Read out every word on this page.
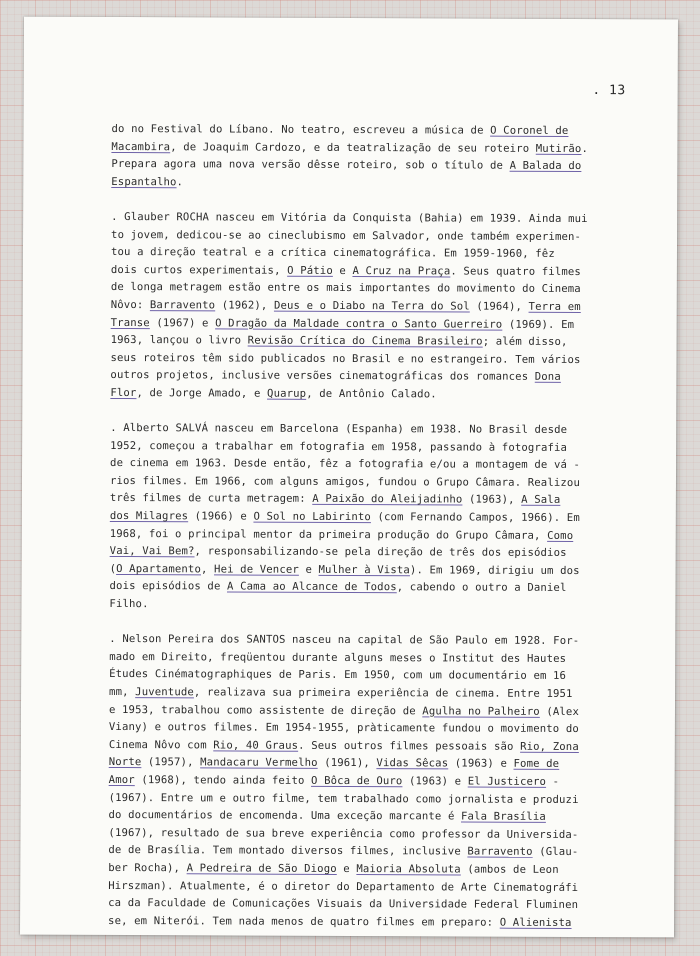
. 13
do no Festival do Líbano. No teatro, escreveu a música de O Coronel de
Macambira, de Joaquim Cardozo, e da teatralização de seu roteiro Mutirão.
Prepara agora uma nova versão dêsse roteiro, sob o título de A Balada do
Espantalho.
. Glauber ROCHA nasceu em Vitória da Conquista (Bahia) em 1939. Ainda mui
to jovem, dedicou-se ao cineclubismo em Salvador, onde também experimen-
tou a direção teatral e a crítica cinematográfica. Em 1959-1960, fêz
dois curtos experimentais, O Pátio e A Cruz na Praça. Seus quatro filmes
de longa metragem estão entre os mais importantes do movimento do Cinema
Nôvo: Barravento (1962), Deus e o Diabo na Terra do Sol (1964), Terra em
Transe (1967) e O Dragão da Maldade contra o Santo Guerreiro (1969). Em
1963, lançou o livro Revisão Crítica do Cinema Brasileiro; além disso,
seus roteiros têm sido publicados no Brasil e no estrangeiro. Tem vários
outros projetos, inclusive versões cinematográficas dos romances Dona
Flor, de Jorge Amado, e Quarup, de Antônio Calado.
. Alberto SALVÁ nasceu em Barcelona (Espanha) em 1938. No Brasil desde
1952, começou a trabalhar em fotografia em 1958, passando à fotografia
de cinema em 1963. Desde então, fêz a fotografia e/ou a montagem de vá -
rios filmes. Em 1966, com alguns amigos, fundou o Grupo Câmara. Realizou
três filmes de curta metragem: A Paixão do Aleijadinho (1963), A Sala
dos Milagres (1966) e O Sol no Labirinto (com Fernando Campos, 1966). Em
1968, foi o principal mentor da primeira produção do Grupo Câmara, Como
Vai, Vai Bem?, responsabilizando-se pela direção de três dos episódios
(O Apartamento, Hei de Vencer e Mulher à Vista). Em 1969, dirigiu um dos
dois episódios de A Cama ao Alcance de Todos, cabendo o outro a Daniel
Filho.
. Nelson Pereira dos SANTOS nasceu na capital de São Paulo em 1928. For-
mado em Direito, freqüentou durante alguns meses o Institut des Hautes
Études Cinématographiques de Paris. Em 1950, com um documentário em 16
mm, Juventude, realizava sua primeira experiência de cinema. Entre 1951
e 1953, trabalhou como assistente de direção de Agulha no Palheiro (Alex
Viany) e outros filmes. Em 1954-1955, pràticamente fundou o movimento do
Cinema Nôvo com Rio, 40 Graus. Seus outros filmes pessoais são Rio, Zona
Norte (1957), Mandacaru Vermelho (1961), Vidas Sêcas (1963) e Fome de
Amor (1968), tendo ainda feito O Bôca de Ouro (1963) e El Justicero -
(1967). Entre um e outro filme, tem trabalhado como jornalista e produzi
do documentários de encomenda. Uma exceção marcante é Fala Brasília
(1967), resultado de sua breve experiência como professor da Universida-
de de Brasília. Tem montado diversos filmes, inclusive Barravento (Glau-
ber Rocha), A Pedreira de São Diogo e Maioria Absoluta (ambos de Leon
Hirszman). Atualmente, é o diretor do Departamento de Arte Cinematográfi
ca da Faculdade de Comunicações Visuais da Universidade Federal Fluminen
se, em Niterói. Tem nada menos de quatro filmes em preparo: O Alienista
